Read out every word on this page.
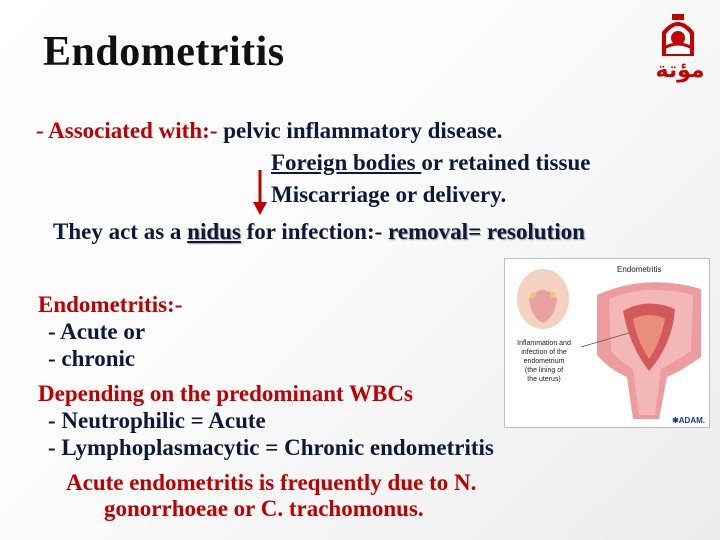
Endometritis	مؤتة
- Associated with:- pelvic inflammatory disease.
Foreign bodies or retained tissue
Miscarriage or delivery.
They act as a nidus for infection:- removal= resolution
Endometritis
Inflammation and
infection of the
endometrium
(the lining of
the uterus)
✱ADAM.
Endometritis:-
- Acute or
- chronic
Depending on the predominant WBCs
- Neutrophilic = Acute
- Lymphoplasmacytic = Chronic endometritis
Acute endometritis is frequently due to N.
gonorrhoeae or C. trachomonus.
